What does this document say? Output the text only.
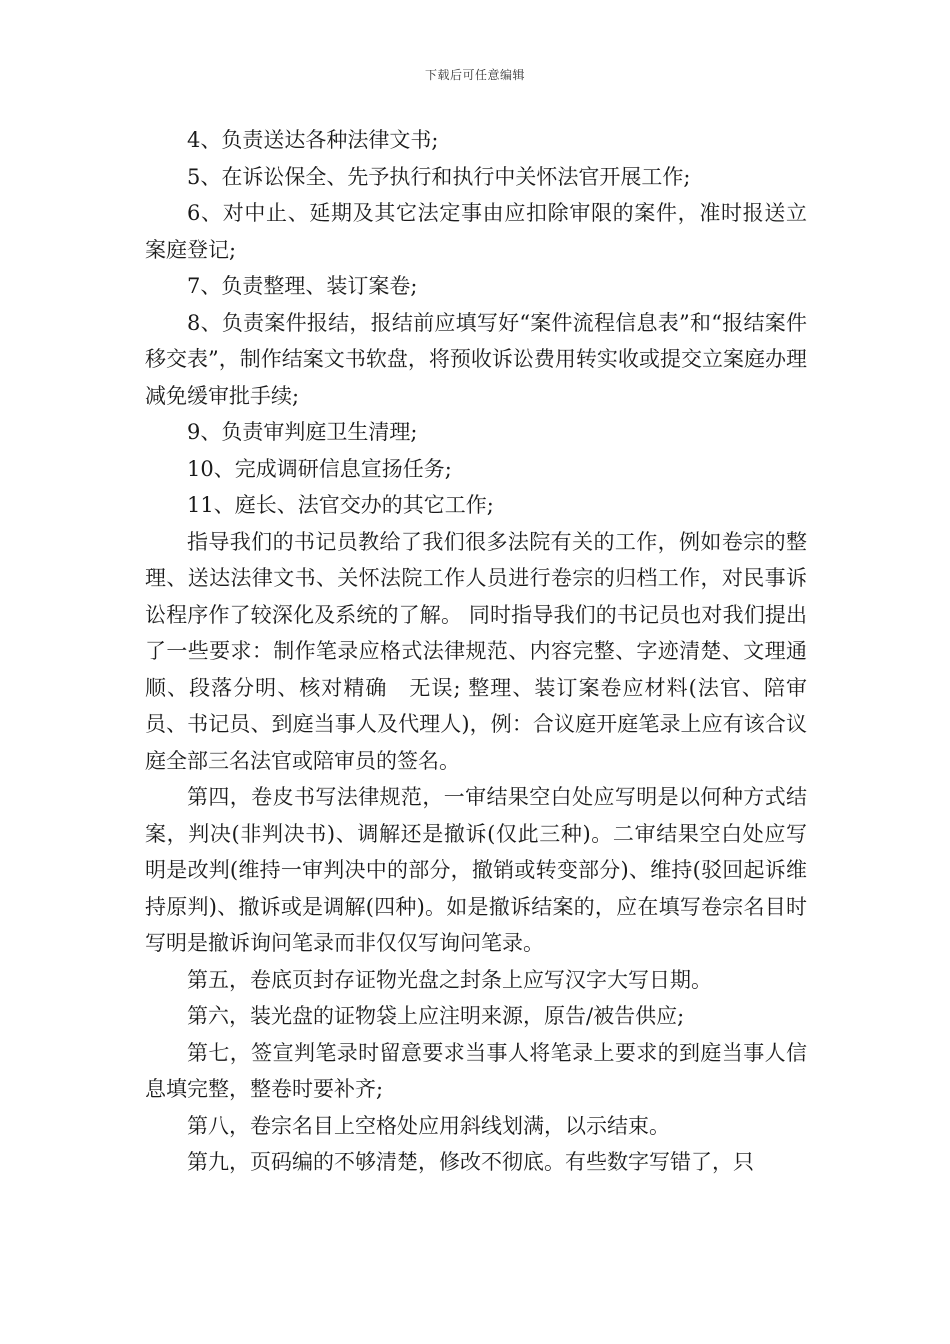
下载后可任意编辑

4、负责送达各种法律文书;

5、在诉讼保全、先予执行和执行中关怀法官开展工作;

6、对中止、延期及其它法定事由应扣除审限的案件，准时报送立案庭登记;

7、负责整理、装订案卷;

8、负责案件报结，报结前应填写好“案件流程信息表”和“报结案件移交表”，制作结案文书软盘，将预收诉讼费用转实收或提交立案庭办理减免缓审批手续;

9、负责审判庭卫生清理;

10、完成调研信息宣扬任务;

11、庭长、法官交办的其它工作;

指导我们的书记员教给了我们很多法院有关的工作，例如卷宗的整理、送达法律文书、关怀法院工作人员进行卷宗的归档工作，对民事诉讼程序作了较深化及系统的了解。 同时指导我们的书记员也对我们提出了一些要求：制作笔录应格式法律规范、内容完整、字迹清楚、文理通顺、段落分明、核对精确　无误; 整理、装订案卷应材料(法官、陪审员、书记员、到庭当事人及代理人)，例：合议庭开庭笔录上应有该合议庭全部三名法官或陪审员的签名。

第四，卷皮书写法律规范，一审结果空白处应写明是以何种方式结案，判决(非判决书)、调解还是撤诉(仅此三种)。二审结果空白处应写明是改判(维持一审判决中的部分，撤销或转变部分)、维持(驳回起诉维持原判)、撤诉或是调解(四种)。如是撤诉结案的，应在填写卷宗名目时写明是撤诉询问笔录而非仅仅写询问笔录。

第五，卷底页封存证物光盘之封条上应写汉字大写日期。

第六，装光盘的证物袋上应注明来源，原告/被告供应;

第七，签宣判笔录时留意要求当事人将笔录上要求的到庭当事人信息填完整，整卷时要补齐;

第八，卷宗名目上空格处应用斜线划满，以示结束。

第九，页码编的不够清楚，修改不彻底。有些数字写错了，只
